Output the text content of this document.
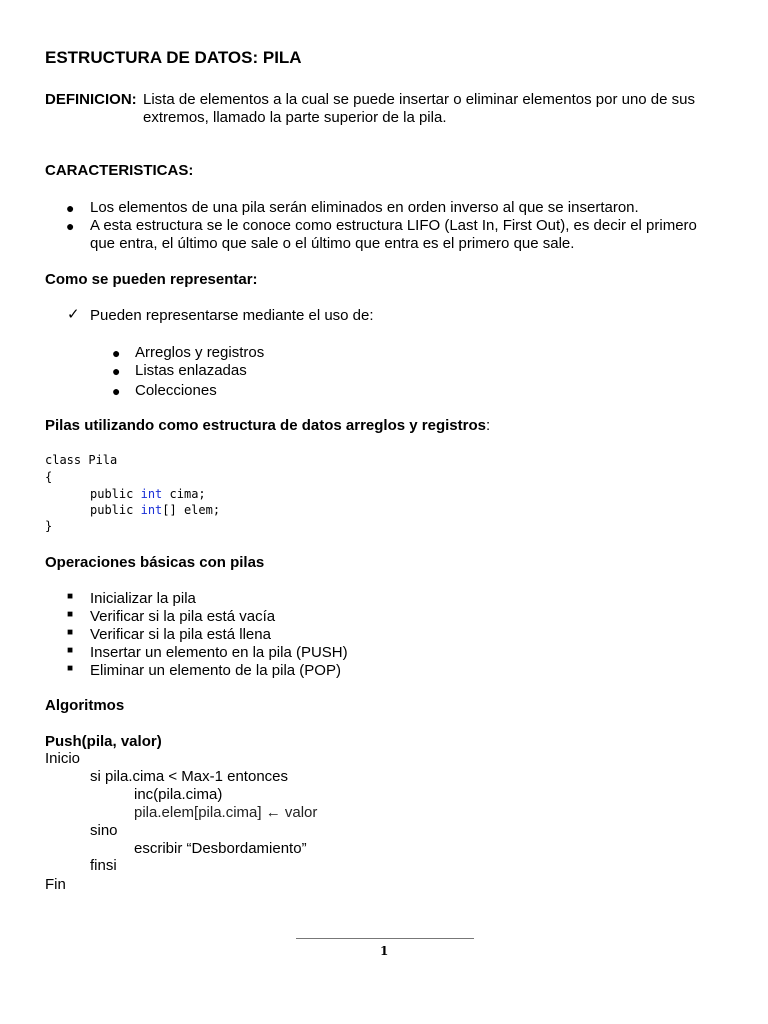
ESTRUCTURA DE DATOS: PILA
DEFINICION: Lista de elementos a la cual se puede insertar o eliminar elementos por uno de sus
extremos, llamado la parte superior de la pila.
CARACTERISTICAS:
● Los elementos de una pila serán eliminados en orden inverso al que se insertaron.
● A esta estructura se le conoce como estructura LIFO (Last In, First Out), es decir el primero
que entra, el último que sale o el último que entra es el primero que sale.
Como se pueden representar:
✓ Pueden representarse mediante el uso de:
● Arreglos y registros
● Listas enlazadas
● Colecciones
Pilas utilizando como estructura de datos arreglos y registros:
class Pila
{
public int cima;
public int[] elem;
}
Operaciones básicas con pilas
■ Inicializar la pila
■ Verificar si la pila está vacía
■ Verificar si la pila está llena
■ Insertar un elemento en la pila (PUSH)
■ Eliminar un elemento de la pila (POP)
Algoritmos
Push(pila, valor)
Inicio
si pila.cima < Max-1 entonces
inc(pila.cima)
pila.elem[pila.cima] ← valor
sino
escribir “Desbordamiento”
finsi
Fin
1
